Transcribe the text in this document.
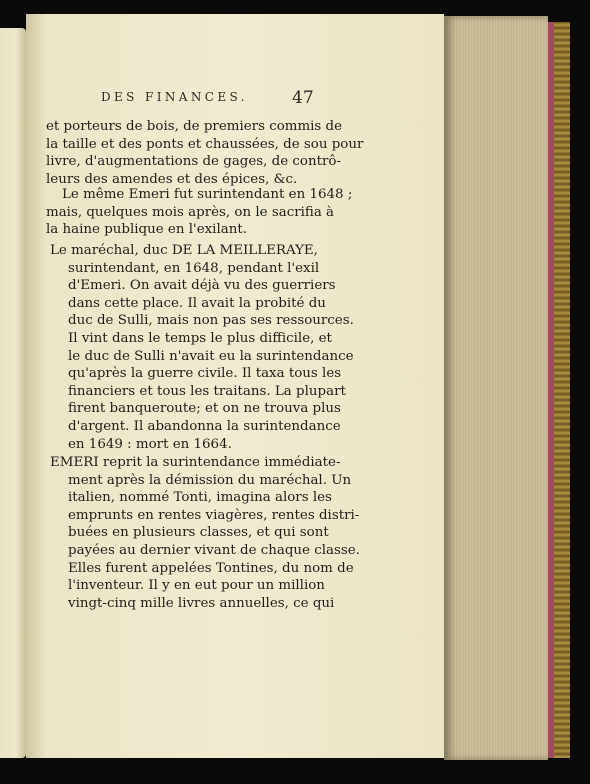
DES FINANCES.	47

et porteurs de bois, de premiers commis de

la taille et des ponts et chaussées, de sou pour

livre, d'augmentations de gages, de contrô-

leurs des amendes et des épices, &c.

Le même Emeri fut surintendant en 1648 ;

mais, quelques mois après, on le sacrifia à

la haine publique en l'exilant.

Le maréchal, duc DE LA MEILLERAYE,

surintendant, en 1648, pendant l'exil

d'Emeri. On avait déjà vu des guerriers

dans cette place. Il avait la probité du

duc de Sulli, mais non pas ses ressources.

Il vint dans le temps le plus difficile, et

le duc de Sulli n'avait eu la surintendance

qu'après la guerre civile. Il taxa tous les

financiers et tous les traitans. La plupart

firent banqueroute; et on ne trouva plus

d'argent. Il abandonna la surintendance

en 1649 : mort en 1664.

EMERI reprit la surintendance immédiate-

ment après la démission du maréchal. Un

italien, nommé Tonti, imagina alors les

emprunts en rentes viagères, rentes distri-

buées en plusieurs classes, et qui sont

payées au dernier vivant de chaque classe.

Elles furent appelées Tontines, du nom de

l'inventeur. Il y en eut pour un million

vingt-cinq mille livres annuelles, ce qui
